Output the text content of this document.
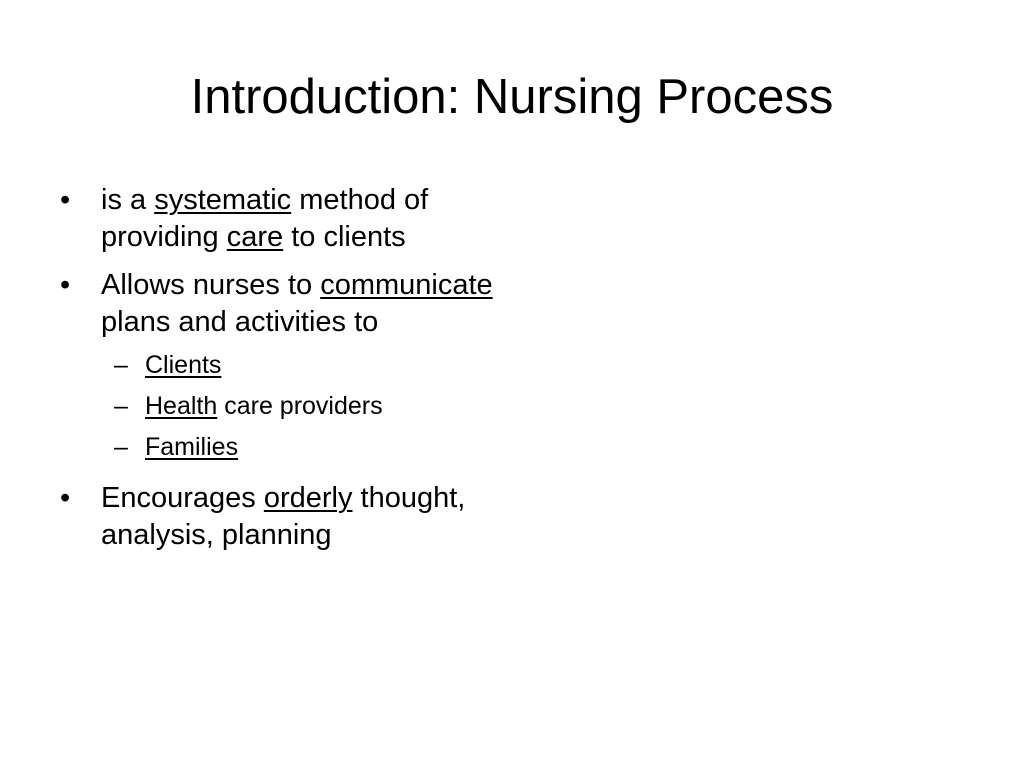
Introduction: Nursing Process
• is a systematic method of providing care to clients
• Allows nurses to communicate plans and activities to
– Clients
– Health care providers
– Families
• Encourages orderly thought, analysis, planning
